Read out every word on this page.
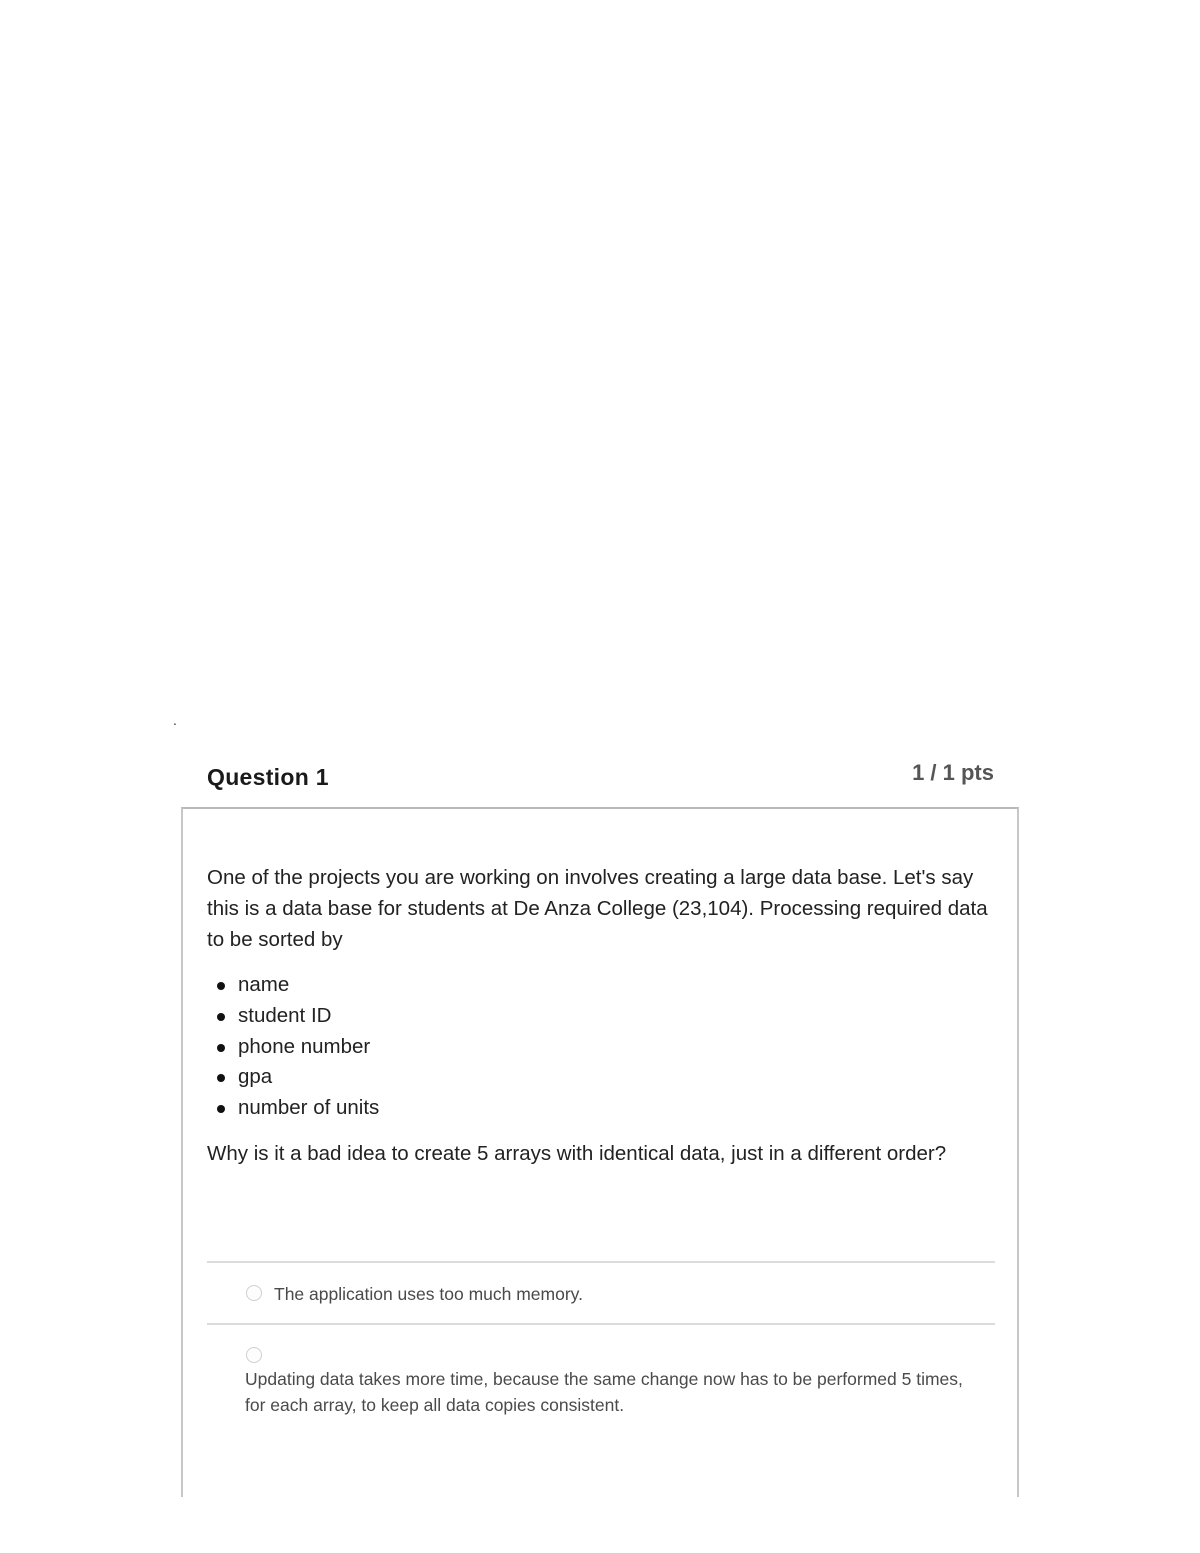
.
Question 1	1 / 1 pts
One of the projects you are working on involves creating a large data base. Let's say this is a data base for students at De Anza College (23,104). Processing required data to be sorted by
name
student ID
phone number
gpa
number of units
Why is it a bad idea to create 5 arrays with identical data, just in a different order?
The application uses too much memory.
Updating data takes more time, because the same change now has to be performed 5 times, for each array, to keep all data copies consistent.
